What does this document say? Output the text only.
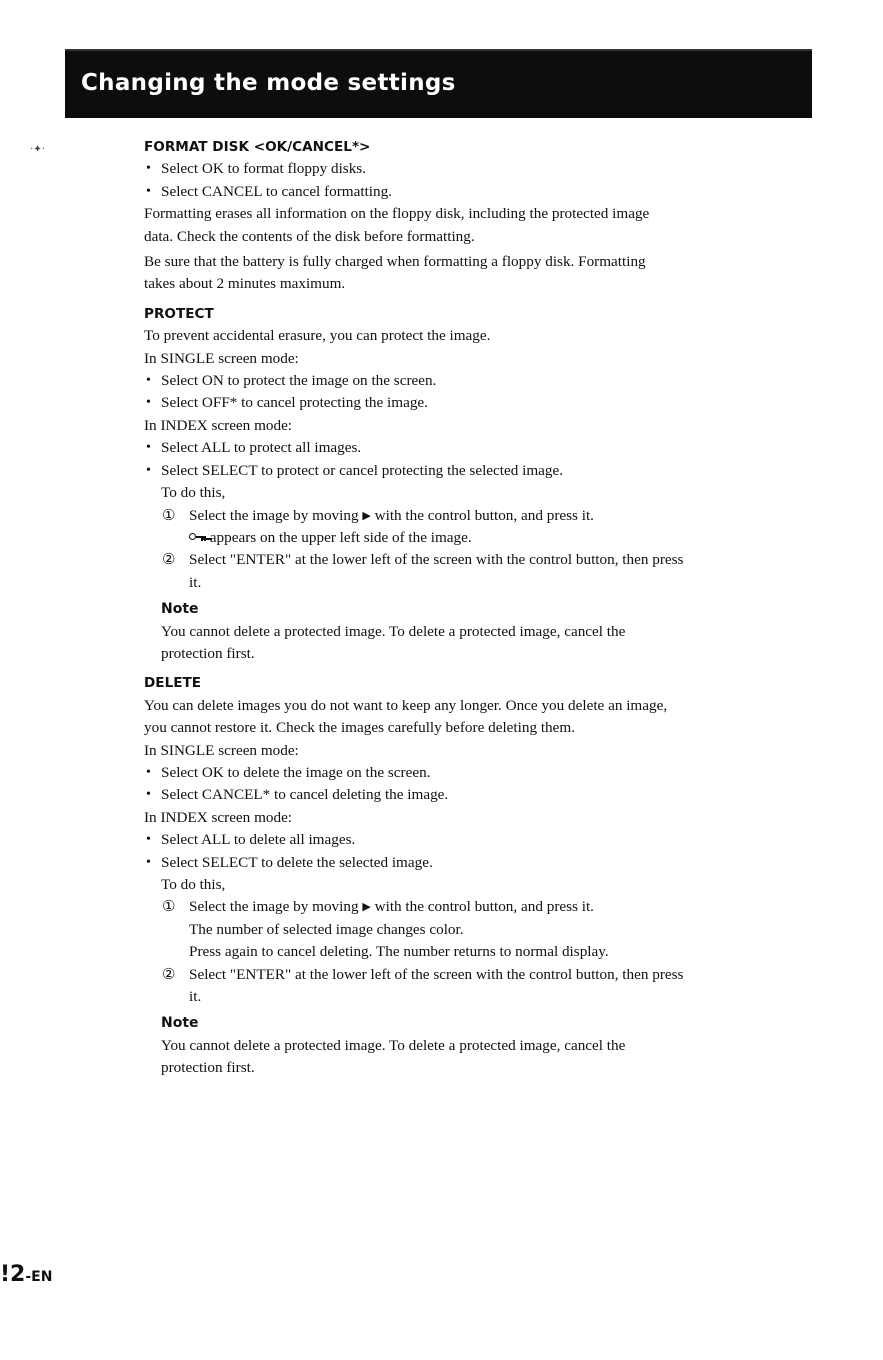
·✦·
Changing the mode settings
FORMAT DISK <OK/CANCEL*>
• Select OK to format floppy disks.
• Select CANCEL to cancel formatting.
Formatting erases all information on the floppy disk, including the protected image
data. Check the contents of the disk before formatting.
Be sure that the battery is fully charged when formatting a floppy disk. Formatting
takes about 2 minutes maximum.
PROTECT
To prevent accidental erasure, you can protect the image.
In SINGLE screen mode:
• Select ON to protect the image on the screen.
• Select OFF* to cancel protecting the image.
In INDEX screen mode:
• Select ALL to protect all images.
• Select SELECT to protect or cancel protecting the selected image.
To do this,
① Select the image by moving ▶ with the control button, and press it.
appears on the upper left side of the image.
② Select "ENTER" at the lower left of the screen with the control button, then press
it.
Note
You cannot delete a protected image. To delete a protected image, cancel the
protection first.
DELETE
You can delete images you do not want to keep any longer. Once you delete an image,
you cannot restore it. Check the images carefully before deleting them.
In SINGLE screen mode:
• Select OK to delete the image on the screen.
• Select CANCEL* to cancel deleting the image.
In INDEX screen mode:
• Select ALL to delete all images.
• Select SELECT to delete the selected image.
To do this,
① Select the image by moving ▶ with the control button, and press it.
The number of selected image changes color.
Press again to cancel deleting. The number returns to normal display.
② Select "ENTER" at the lower left of the screen with the control button, then press
it.
Note
You cannot delete a protected image. To delete a protected image, cancel the
protection first.
!2-EN
